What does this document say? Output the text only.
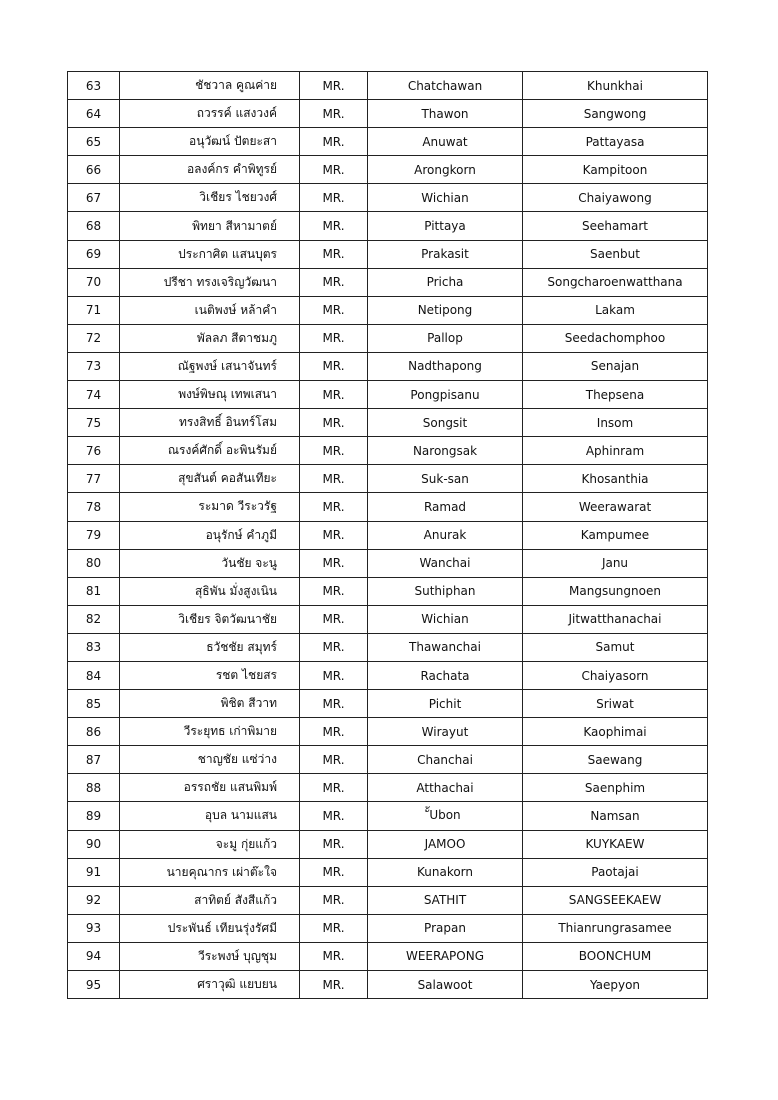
63	ชัชวาล คูณค่าย	MR.	Chatchawan	Khunkhai
64	ถวรรค์ แสงวงค์	MR.	Thawon	Sangwong
65	อนุวัฒน์ ปัตยะสา	MR.	Anuwat	Pattayasa
66	อลงค์กร คำพิทูรย์	MR.	Arongkorn	Kampitoon
67	วิเชียร ไชยวงศ์	MR.	Wichian	Chaiyawong
68	พิทยา สีหามาตย์	MR.	Pittaya	Seehamart
69	ประกาศิต แสนบุตร	MR.	Prakasit	Saenbut
70	ปรีชา ทรงเจริญวัฒนา	MR.	Pricha	Songcharoenwatthana
71	เนติพงษ์ หล้าคำ	MR.	Netipong	Lakam
72	พัลลภ สีดาชมภู	MR.	Pallop	Seedachomphoo
73	ณัฐพงษ์ เสนาจันทร์	MR.	Nadthapong	Senajan
74	พงษ์พิษณุ เทพเสนา	MR.	Pongpisanu	Thepsena
75	ทรงสิทธิ์ อินทร์โสม	MR.	Songsit	Insom
76	ณรงค์ศักดิ์ อะพินรัมย์	MR.	Narongsak	Aphinram
77	สุขสันต์ คอสันเทียะ	MR.	Suk-san	Khosanthia
78	ระมาด วีระวรัฐ	MR.	Ramad	Weerawarat
79	อนุรักษ์ คำภูมี	MR.	Anurak	Kampumee
80	วันชัย จะนู	MR.	Wanchai	Janu
81	สุธิพัน มั่งสูงเนิน	MR.	Suthiphan	Mangsungnoen
82	วิเชียร จิตวัฒนาชัย	MR.	Wichian	Jitwatthanachai
83	ธวัชชัย สมุทร์	MR.	Thawanchai	Samut
84	รชต ไชยสร	MR.	Rachata	Chaiyasorn
85	พิชิต สีวาท	MR.	Pichit	Sriwat
86	วีระยุทธ เก่าพิมาย	MR.	Wirayut	Kaophimai
87	ชาญชัย แซ่ว่าง	MR.	Chanchai	Saewang
88	อรรถชัย แสนพิมพ์	MR.	Atthachai	Saenphim
89	อุบล นามแสน	MR.	ั้Ubon	Namsan
90	จะมู กุ่ยแก้ว	MR.	JAMOO	KUYKAEW
91	นายคุณากร เผ่าต๊ะใจ	MR.	Kunakorn	Paotajai
92	สาทิตย์ สังสีแก้ว	MR.	SATHIT	SANGSEEKAEW
93	ประพันธ์ เทียนรุ่งรัศมี	MR.	Prapan	Thianrungrasamee
94	วีระพงษ์ บุญชุม	MR.	WEERAPONG	BOONCHUM
95	ศราวุฒิ แยบยน	MR.	Salawoot	Yaepyon
